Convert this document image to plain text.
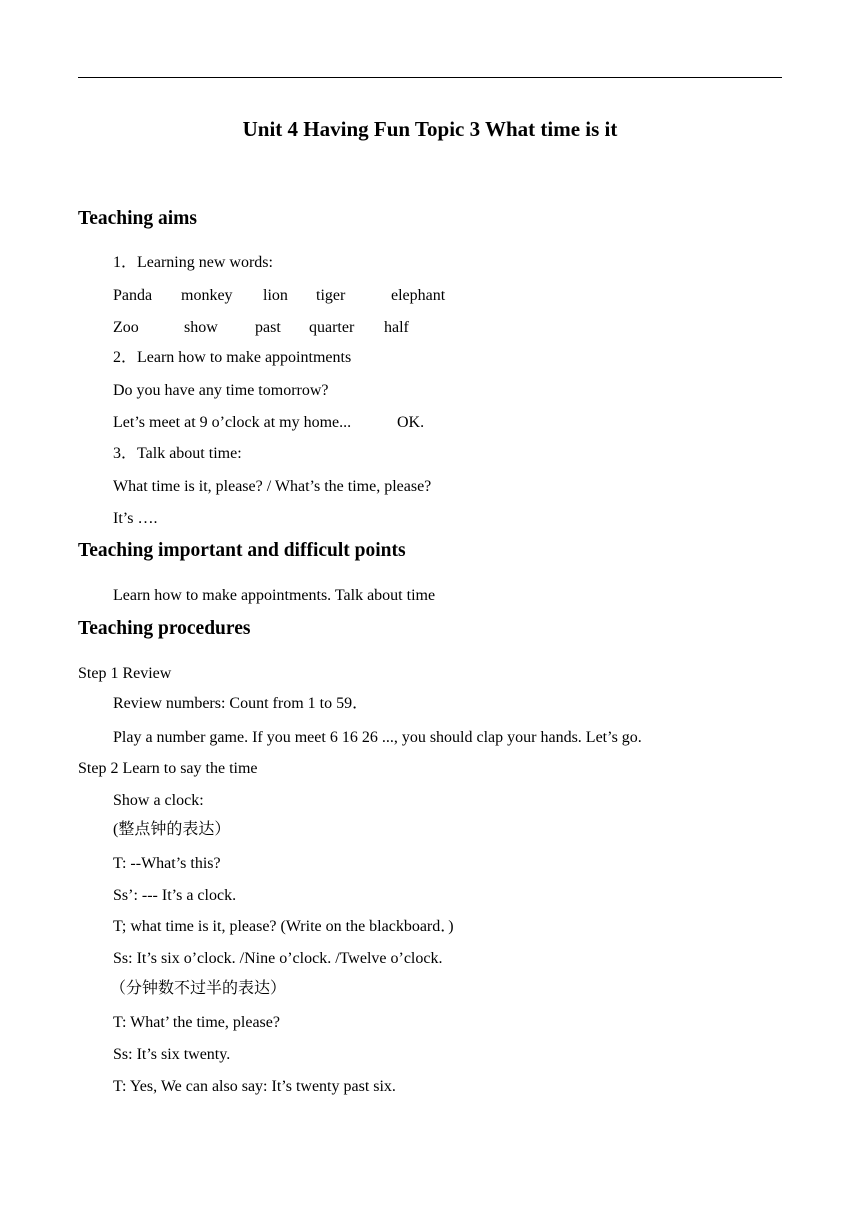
Unit 4 Having Fun Topic 3 What time is it
Teaching aims
1．Learning new words:
Panda monkey lion tiger	elephant
Zoo	show past quarter half
2．Learn how to make appointments
Do you have any time tomorrow?
Let’s meet at 9 o’clock at my home...	OK.
3．Talk about time:
What time is it, please? / What’s the time, please?
It’s ….
Teaching important and difficult points
Learn how to make appointments. Talk about time
Teaching procedures
Step 1 Review
Review numbers: Count from 1 to 59．
Play a number game. If you meet 6 16 26 ..., you should clap your hands. Let’s go.
Step 2 Learn to say the time
Show a clock:
(整点钟的表达）
T: --What’s this?
Ss’: --- It’s a clock.
T; what time is it, please? (Write on the blackboard．)
Ss: It’s six o’clock. /Nine o’clock. /Twelve o’clock.
（分钟数不过半的表达）
T: What’ the time, please?
Ss: It’s six twenty.
T: Yes, We can also say: It’s twenty past six.
